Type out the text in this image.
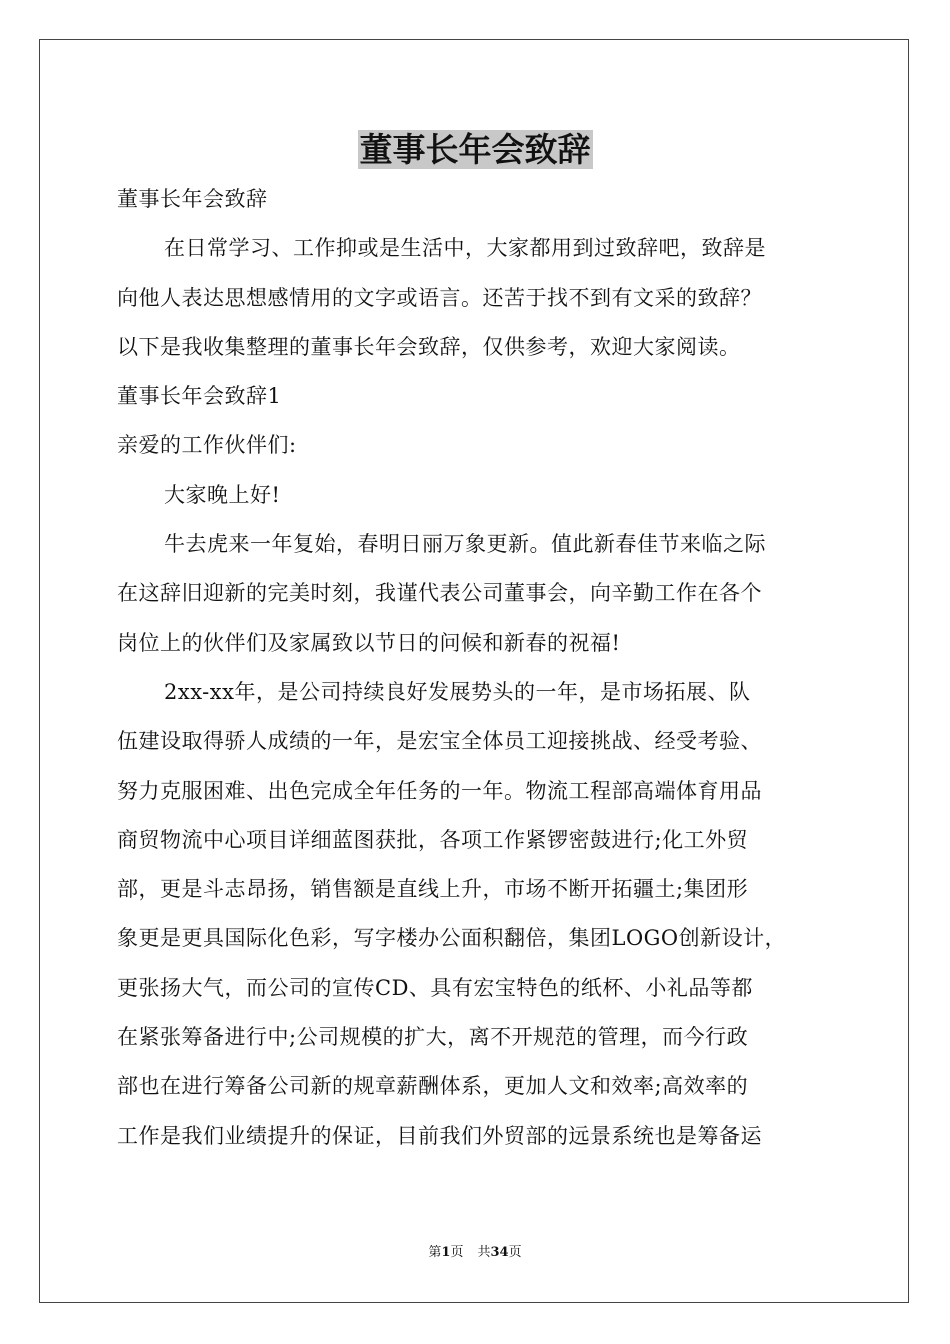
董事长年会致辞

董事长年会致辞

在日常学习、工作抑或是生活中，大家都用到过致辞吧，致辞是

向他人表达思想感情用的文字或语言。还苦于找不到有文采的致辞？

以下是我收集整理的董事长年会致辞，仅供参考，欢迎大家阅读。

董事长年会致辞1

亲爱的工作伙伴们:

大家晚上好!

牛去虎来一年复始，春明日丽万象更新。值此新春佳节来临之际

在这辞旧迎新的完美时刻，我谨代表公司董事会，向辛勤工作在各个

岗位上的伙伴们及家属致以节日的问候和新春的祝福!

2xx-xx年，是公司持续良好发展势头的一年，是市场拓展、队

伍建设取得骄人成绩的一年，是宏宝全体员工迎接挑战、经受考验、

努力克服困难、出色完成全年任务的一年。物流工程部高端体育用品

商贸物流中心项目详细蓝图获批，各项工作紧锣密鼓进行;化工外贸

部，更是斗志昂扬，销售额是直线上升，市场不断开拓疆土;集团形

象更是更具国际化色彩，写字楼办公面积翻倍，集团LOGO创新设计，

更张扬大气，而公司的宣传CD、具有宏宝特色的纸杯、小礼品等都

在紧张筹备进行中;公司规模的扩大，离不开规范的管理，而今行政

部也在进行筹备公司新的规章薪酬体系，更加人文和效率;高效率的

工作是我们业绩提升的保证，目前我们外贸部的远景系统也是筹备运

第1页 共34页
